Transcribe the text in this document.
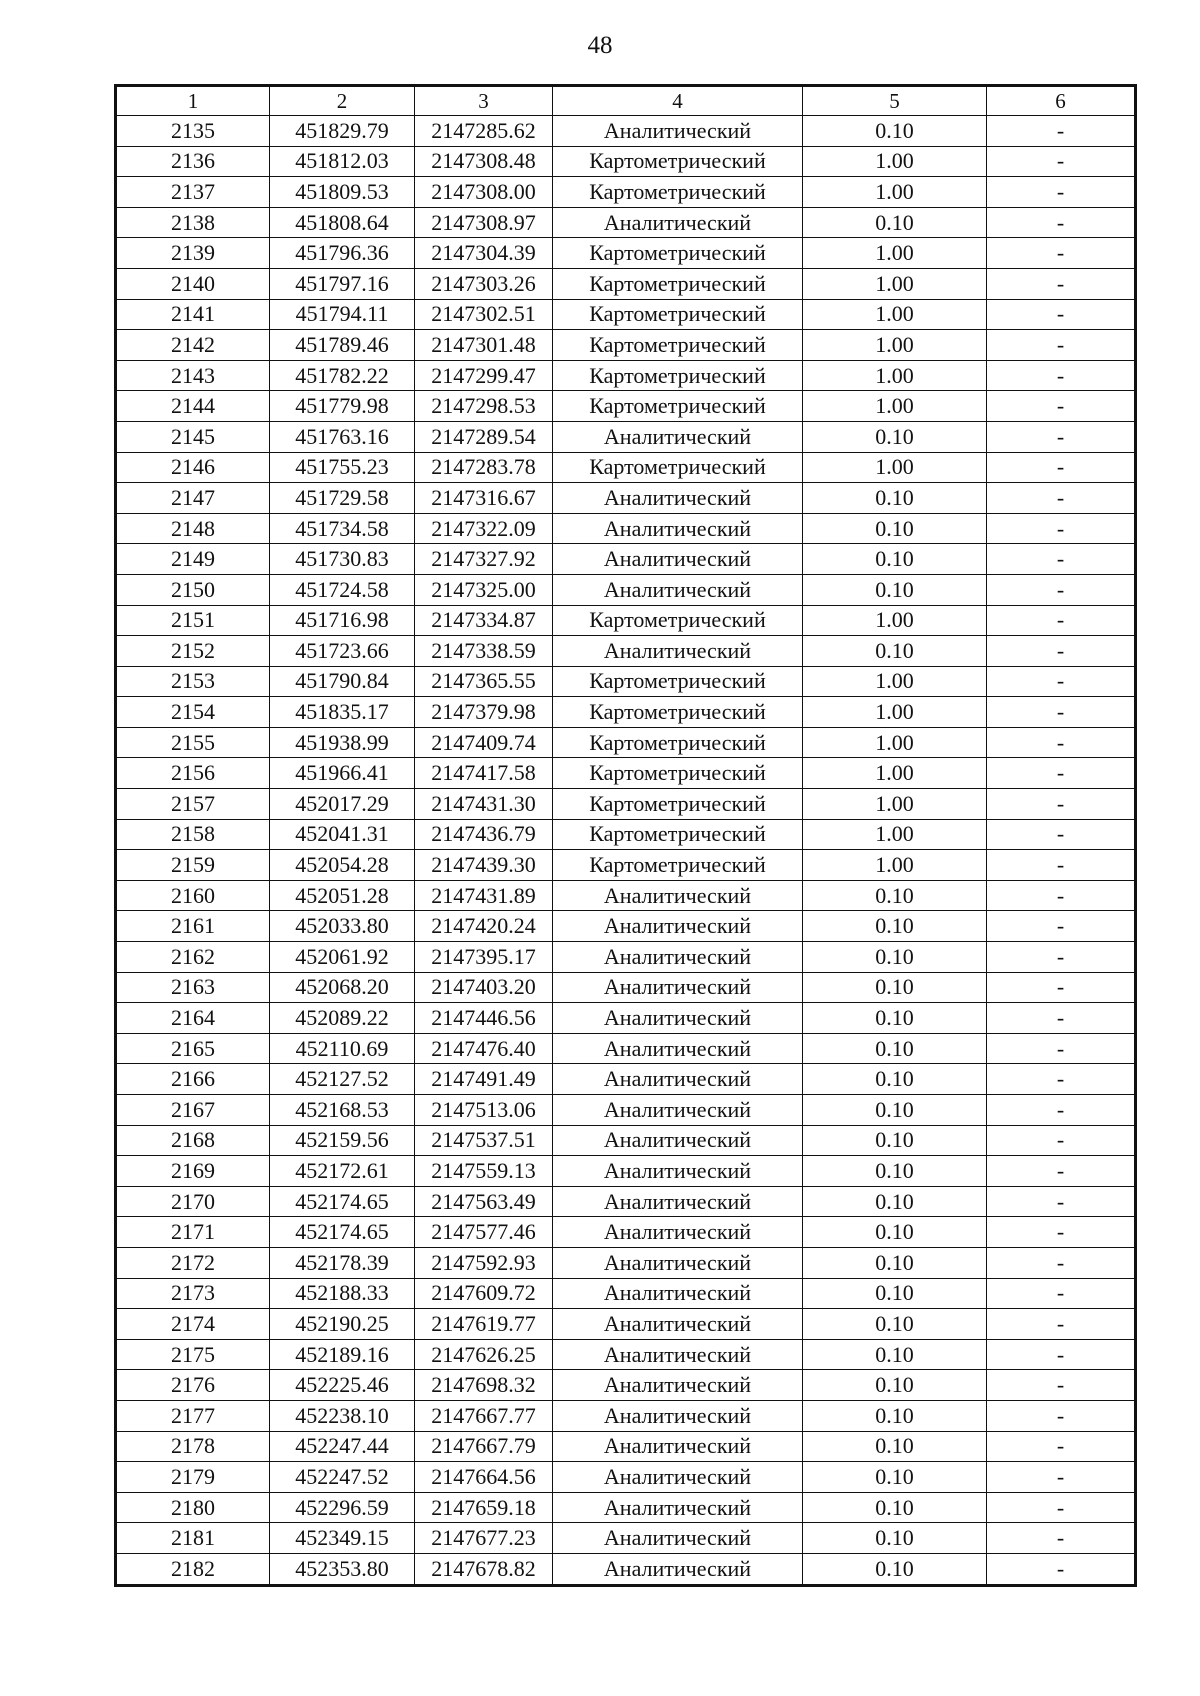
48
1	2	3	4	5	6
2135	451829.79	2147285.62	Аналитический	0.10	-
2136	451812.03	2147308.48	Картометрический	1.00	-
2137	451809.53	2147308.00	Картометрический	1.00	-
2138	451808.64	2147308.97	Аналитический	0.10	-
2139	451796.36	2147304.39	Картометрический	1.00	-
2140	451797.16	2147303.26	Картометрический	1.00	-
2141	451794.11	2147302.51	Картометрический	1.00	-
2142	451789.46	2147301.48	Картометрический	1.00	-
2143	451782.22	2147299.47	Картометрический	1.00	-
2144	451779.98	2147298.53	Картометрический	1.00	-
2145	451763.16	2147289.54	Аналитический	0.10	-
2146	451755.23	2147283.78	Картометрический	1.00	-
2147	451729.58	2147316.67	Аналитический	0.10	-
2148	451734.58	2147322.09	Аналитический	0.10	-
2149	451730.83	2147327.92	Аналитический	0.10	-
2150	451724.58	2147325.00	Аналитический	0.10	-
2151	451716.98	2147334.87	Картометрический	1.00	-
2152	451723.66	2147338.59	Аналитический	0.10	-
2153	451790.84	2147365.55	Картометрический	1.00	-
2154	451835.17	2147379.98	Картометрический	1.00	-
2155	451938.99	2147409.74	Картометрический	1.00	-
2156	451966.41	2147417.58	Картометрический	1.00	-
2157	452017.29	2147431.30	Картометрический	1.00	-
2158	452041.31	2147436.79	Картометрический	1.00	-
2159	452054.28	2147439.30	Картометрический	1.00	-
2160	452051.28	2147431.89	Аналитический	0.10	-
2161	452033.80	2147420.24	Аналитический	0.10	-
2162	452061.92	2147395.17	Аналитический	0.10	-
2163	452068.20	2147403.20	Аналитический	0.10	-
2164	452089.22	2147446.56	Аналитический	0.10	-
2165	452110.69	2147476.40	Аналитический	0.10	-
2166	452127.52	2147491.49	Аналитический	0.10	-
2167	452168.53	2147513.06	Аналитический	0.10	-
2168	452159.56	2147537.51	Аналитический	0.10	-
2169	452172.61	2147559.13	Аналитический	0.10	-
2170	452174.65	2147563.49	Аналитический	0.10	-
2171	452174.65	2147577.46	Аналитический	0.10	-
2172	452178.39	2147592.93	Аналитический	0.10	-
2173	452188.33	2147609.72	Аналитический	0.10	-
2174	452190.25	2147619.77	Аналитический	0.10	-
2175	452189.16	2147626.25	Аналитический	0.10	-
2176	452225.46	2147698.32	Аналитический	0.10	-
2177	452238.10	2147667.77	Аналитический	0.10	-
2178	452247.44	2147667.79	Аналитический	0.10	-
2179	452247.52	2147664.56	Аналитический	0.10	-
2180	452296.59	2147659.18	Аналитический	0.10	-
2181	452349.15	2147677.23	Аналитический	0.10	-
2182	452353.80	2147678.82	Аналитический	0.10	-
